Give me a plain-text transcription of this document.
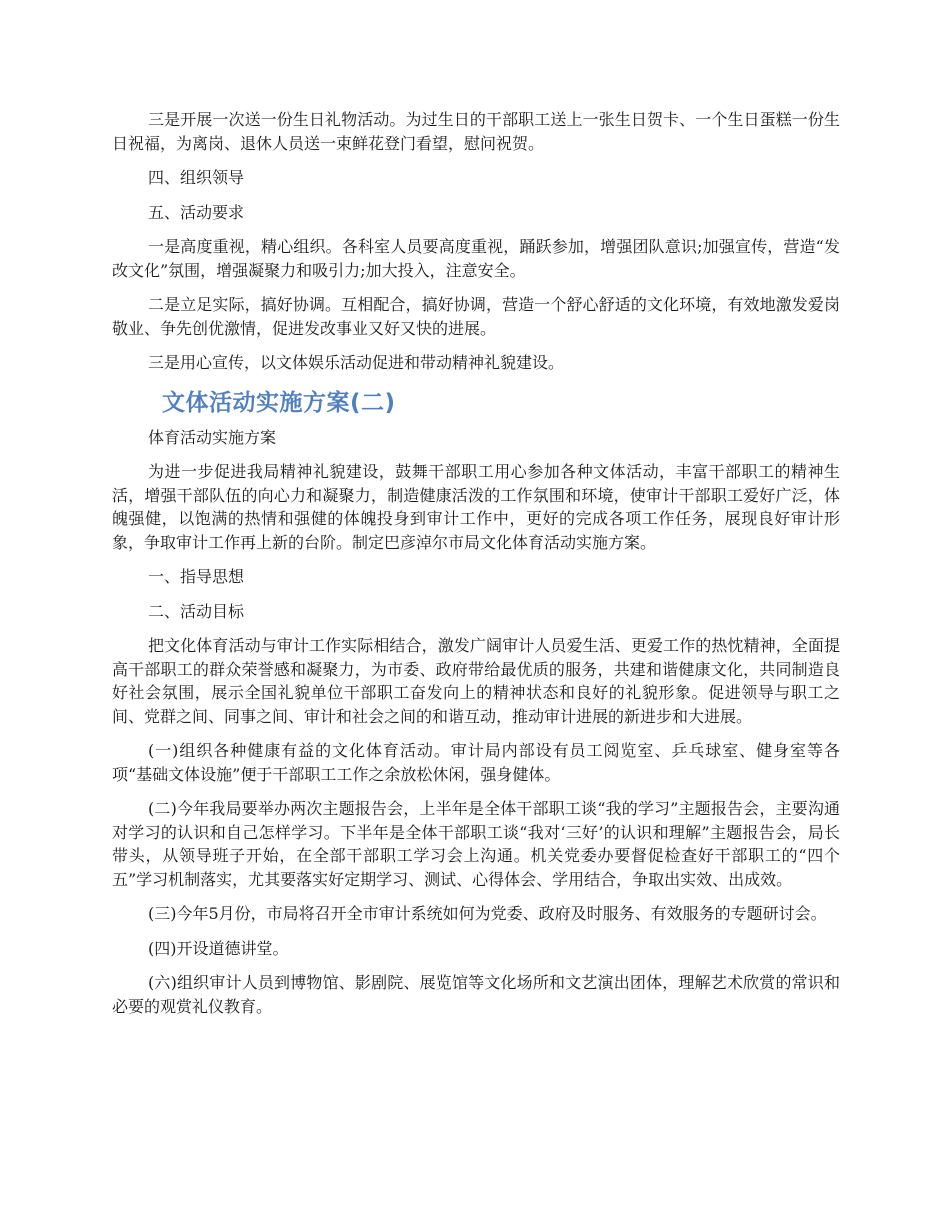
三是开展一次送一份生日礼物活动。为过生日的干部职工送上一张生日贺卡、一个生日蛋糕一份生日祝福，为离岗、退休人员送一束鲜花登门看望，慰问祝贺。

四、组织领导

五、活动要求

一是高度重视，精心组织。各科室人员要高度重视，踊跃参加，增强团队意识;加强宣传，营造“发改文化”氛围，增强凝聚力和吸引力;加大投入，注意安全。

二是立足实际，搞好协调。互相配合，搞好协调，营造一个舒心舒适的文化环境，有效地激发爱岗敬业、争先创优激情，促进发改事业又好又快的进展。

三是用心宣传，以文体娱乐活动促进和带动精神礼貌建设。

文体活动实施方案(二)

体育活动实施方案

为进一步促进我局精神礼貌建设，鼓舞干部职工用心参加各种文体活动，丰富干部职工的精神生活，增强干部队伍的向心力和凝聚力，制造健康活泼的工作氛围和环境，使审计干部职工爱好广泛，体魄强健，以饱满的热情和强健的体魄投身到审计工作中，更好的完成各项工作任务，展现良好审计形象，争取审计工作再上新的台阶。制定巴彦淖尔市局文化体育活动实施方案。

一、指导思想

二、活动目标

把文化体育活动与审计工作实际相结合，激发广阔审计人员爱生活、更爱工作的热忱精神，全面提高干部职工的群众荣誉感和凝聚力，为市委、政府带给最优质的服务，共建和谐健康文化，共同制造良好社会氛围，展示全国礼貌单位干部职工奋发向上的精神状态和良好的礼貌形象。促进领导与职工之间、党群之间、同事之间、审计和社会之间的和谐互动，推动审计进展的新进步和大进展。

(一)组织各种健康有益的文化体育活动。审计局内部设有员工阅览室、乒乓球室、健身室等各项“基础文体设施”便于干部职工工作之余放松休闲，强身健体。

(二)今年我局要举办两次主题报告会，上半年是全体干部职工谈“我的学习”主题报告会，主要沟通对学习的认识和自己怎样学习。下半年是全体干部职工谈“我对‘三好’的认识和理解”主题报告会，局长带头，从领导班子开始，在全部干部职工学习会上沟通。机关党委办要督促检查好干部职工的“四个五”学习机制落实，尤其要落实好定期学习、测试、心得体会、学用结合，争取出实效、出成效。

(三)今年5月份，市局将召开全市审计系统如何为党委、政府及时服务、有效服务的专题研讨会。

(四)开设道德讲堂。

(六)组织审计人员到博物馆、影剧院、展览馆等文化场所和文艺演出团体，理解艺术欣赏的常识和必要的观赏礼仪教育。
